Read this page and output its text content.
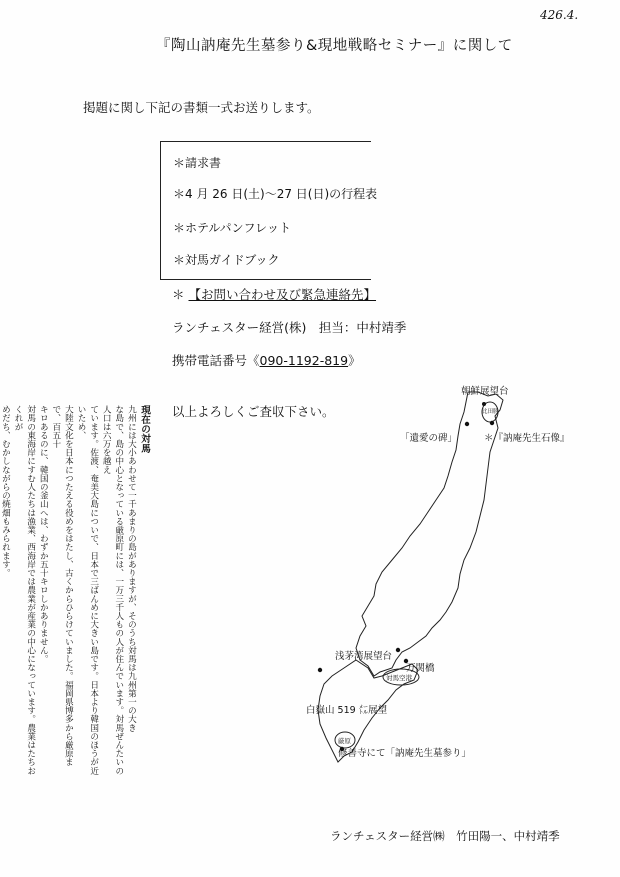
426.4.
『陶山訥庵先生墓参り&現地戦略セミナー』に関して
掲題に関し下記の書類一式お送りします。
＊請求書
＊4 月 26 日(土)～27 日(日)の行程表
＊ホテルパンフレット
＊対馬ガイドブック
＊ 【お問い合わせ及び緊急連絡先】
ランチェスター経営(株)　担当：中村靖季
携帯電話番号《090-1192-819》
以上よろしくご査収下さい。
現在の対馬
九州には大小あわせて一千あまりの島がありますが、そのうち対馬は九州第一の大き
な島で、島の中心となっている厳原町には、一万三千人もの人が住んでいます。対馬ぜんたいの人口は六万を越え
ています。佐渡、奄美大島についで、日本で三ばんめに大きい島です。日本より韓国のほうが近いため、
大陸文化を日本につたえる役めをはたし、古くからひらけていました。福岡県博多から厳原まで、百五十
キロあるのに、韓国の釜山へは、わずか五十キロしかありません。
対馬の東海岸にすむ人たちは漁業、西海岸では農業が産業の中心になっています。農業はたちおくれが
めだち、むかしながらの焼畑もみられます。
朝鮮展望台
「遺愛の碑」	＊『訥庵先生石像』
比田勝
浅茅湾展望台
万関橋
対馬空港
白嶽山 519 ㍍展望
厳原
修善寺にて「訥庵先生墓参り」
ランチェスター経営㈱　竹田陽一、中村靖季
